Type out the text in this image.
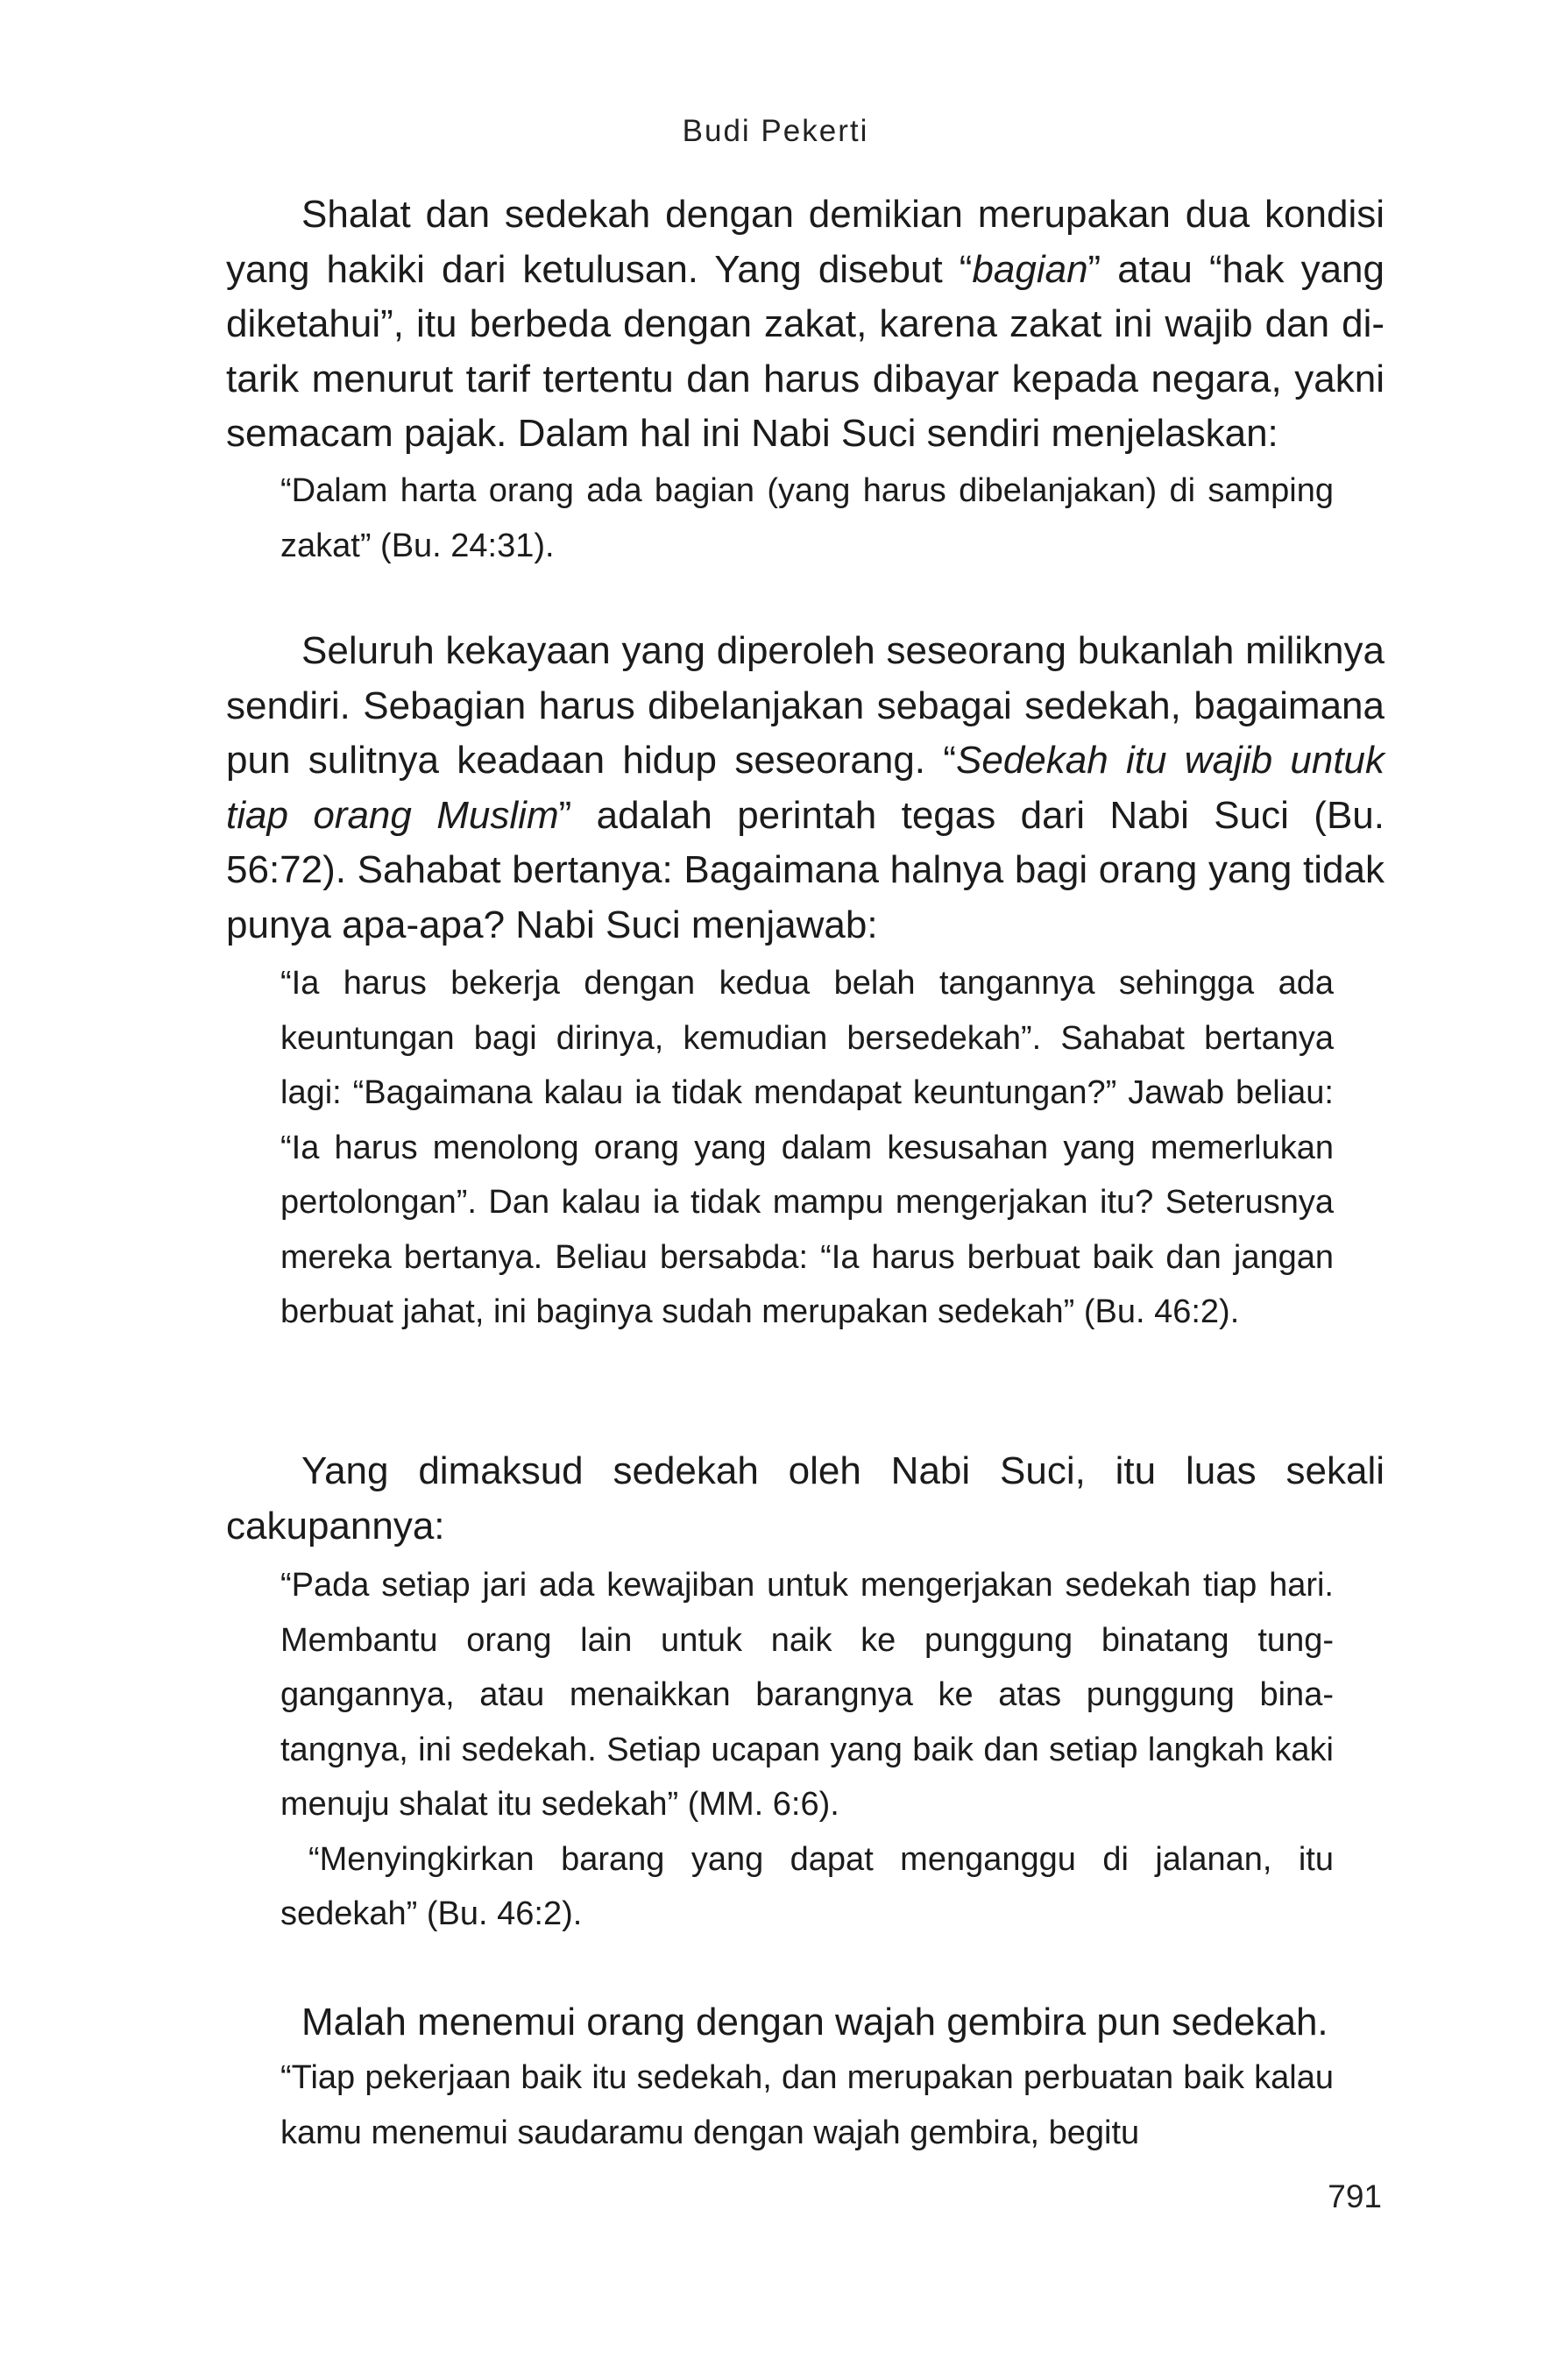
Budi Pekerti

Shalat dan sedekah dengan demikian merupakan dua kondisi yang hakiki dari ketulusan. Yang disebut “bagian” atau “hak yang diketahui”, itu berbeda dengan zakat, karena zakat ini wajib dan ditarik menurut tarif tertentu dan harus dibayar kepada negara, yakni semacam pajak. Dalam hal ini Nabi Suci sendiri menjelaskan:

“Dalam harta orang ada bagian (yang harus dibelanjakan) di samping zakat” (Bu. 24:31).

Seluruh kekayaan yang diperoleh seseorang bukanlah miliknya sendiri. Sebagian harus dibelanjakan sebagai sedekah, bagaimana pun sulitnya keadaan hidup seseorang. “Sedekah itu wajib untuk tiap orang Muslim” adalah perintah tegas dari Nabi Suci (Bu. 56:72). Sahabat bertanya: Bagaimana halnya bagi orang yang tidak punya apa-apa? Nabi Suci menjawab:

“Ia harus bekerja dengan kedua belah tangannya sehingga ada keuntungan bagi dirinya, kemudian bersedekah”. Sahabat bertanya lagi: “Bagaimana kalau ia tidak mendapat keuntungan?” Jawab beliau: “Ia harus menolong orang yang dalam kesusahan yang memerlukan pertolongan”. Dan kalau ia tidak mampu mengerjakan itu? Seterusnya mereka bertanya. Beliau bersabda: “Ia harus berbuat baik dan jangan berbuat jahat, ini baginya sudah merupakan sedekah” (Bu. 46:2).

Yang dimaksud sedekah oleh Nabi Suci, itu luas sekali cakupannya:

“Pada setiap jari ada kewajiban untuk mengerjakan sedekah tiap hari. Membantu orang lain untuk naik ke punggung binatang tunggangannya, atau menaikkan barangnya ke atas punggung binatangnya, ini sedekah. Setiap ucapan yang baik dan setiap langkah kaki menuju shalat itu sedekah” (MM. 6:6).

“Menyingkirkan barang yang dapat menganggu di jalanan, itu sedekah” (Bu. 46:2).

Malah menemui orang dengan wajah gembira pun sedekah.

“Tiap pekerjaan baik itu sedekah, dan merupakan perbuatan baik kalau kamu menemui saudaramu dengan wajah gembira, begitu

791
